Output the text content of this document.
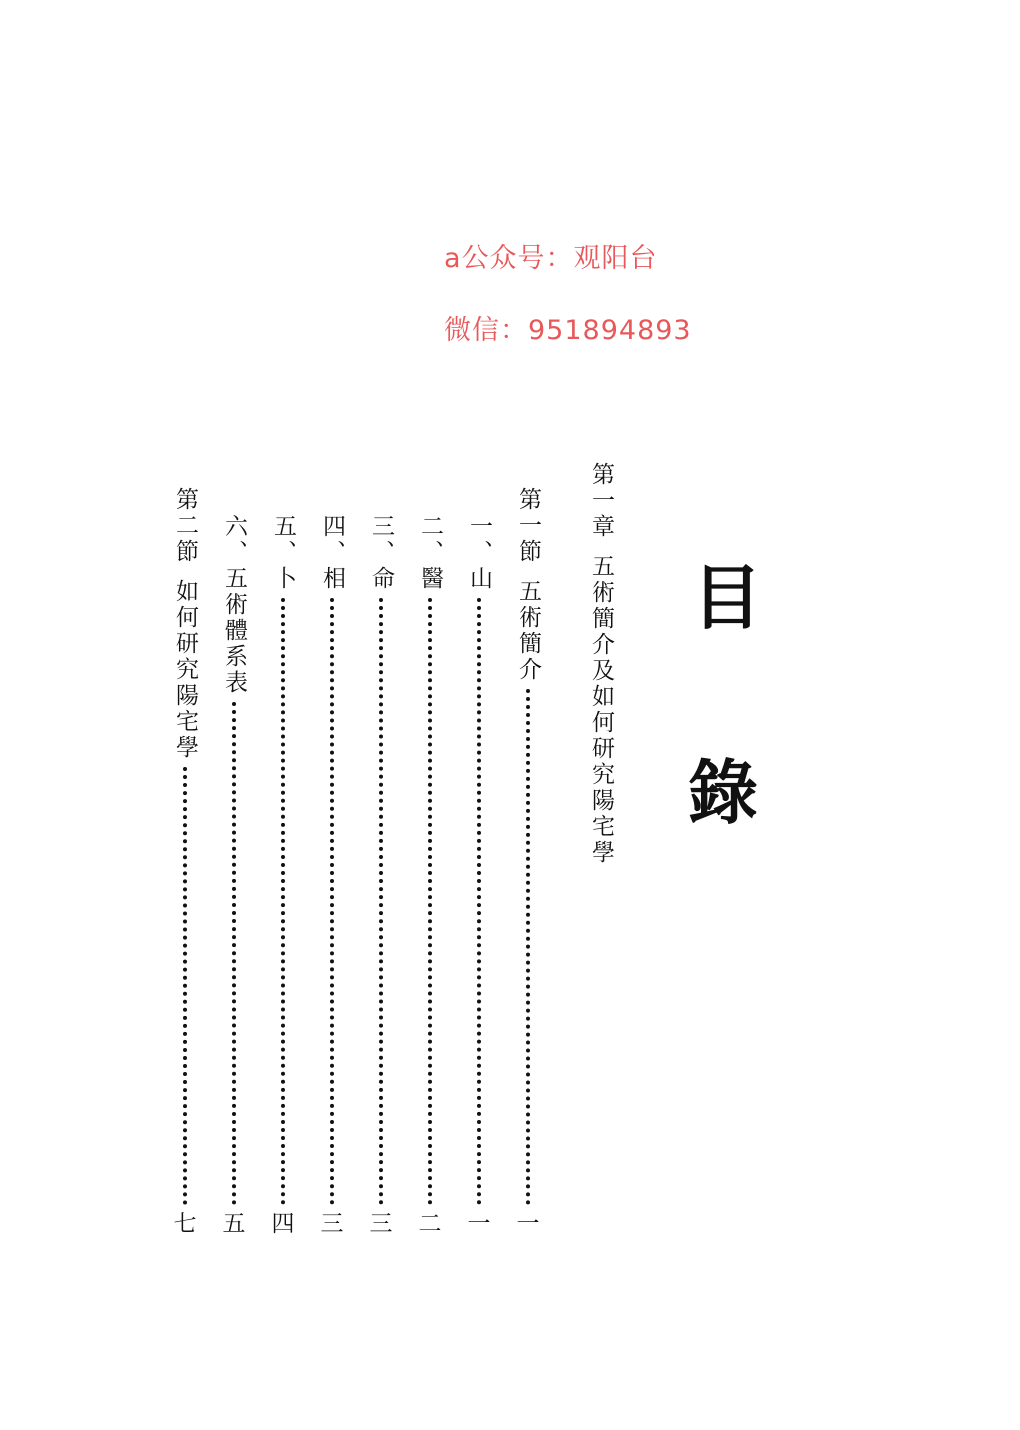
a公众号：观阳台
微信：951894893
目
錄
第一章五術簡介及如何研究陽宅學
第一節五術簡介
一
一、山
一
二、醫
二
三、命
三
四、相
三
五、卜
四
六、五術體系表
五
第二節如何研究陽宅學
七
